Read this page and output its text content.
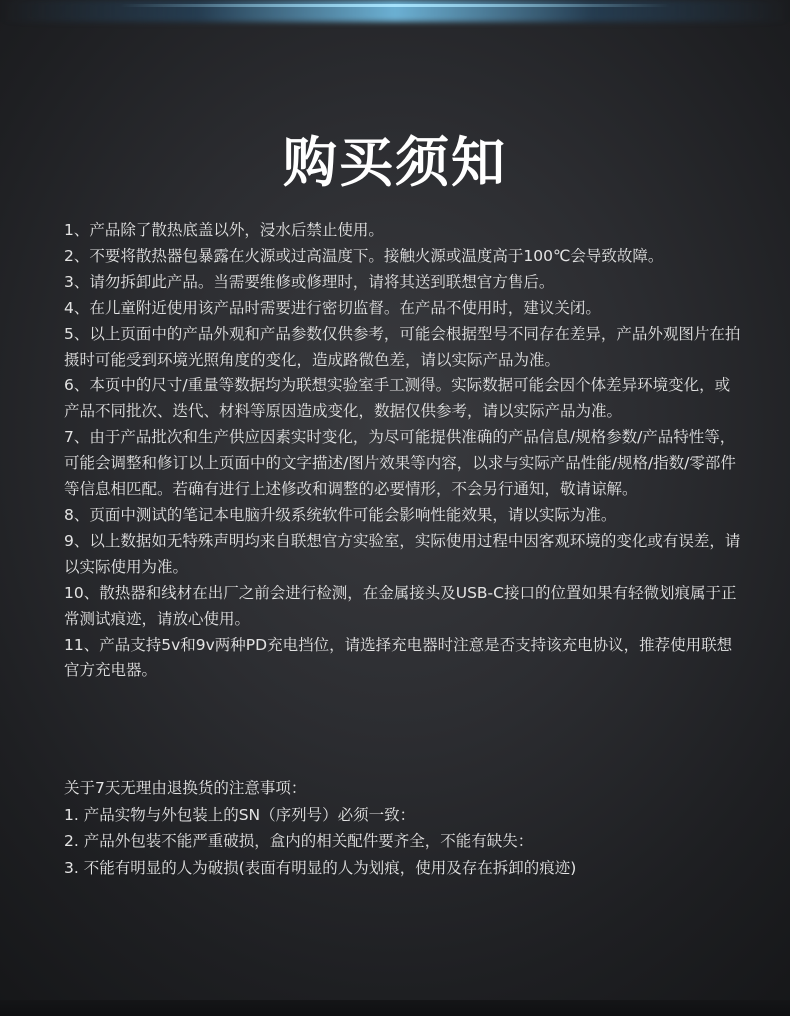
购买须知
1、产品除了散热底盖以外，浸水后禁止使用。
2、不要将散热器包暴露在火源或过高温度下。接触火源或温度高于100℃会导致故障。
3、请勿拆卸此产品。当需要维修或修理时，请将其送到联想官方售后。
4、在儿童附近使用该产品时需要进行密切监督。在产品不使用时，建议关闭。
5、以上页面中的产品外观和产品参数仅供参考，可能会根据型号不同存在差异，产品外观图片在拍摄时可能受到环境光照角度的变化，造成路微色差，请以实际产品为准。
6、本页中的尺寸/重量等数据均为联想实验室手工测得。实际数据可能会因个体差异环境变化，或产品不同批次、迭代、材料等原因造成变化，数据仅供参考，请以实际产品为准。
7、由于产品批次和生产供应因素实时变化，为尽可能提供准确的产品信息/规格参数/产品特性等，可能会调整和修订以上页面中的文字描述/图片效果等内容，以求与实际产品性能/规格/指数/零部件等信息相匹配。若确有进行上述修改和调整的必要情形，不会另行通知，敬请谅解。
8、页面中测试的笔记本电脑升级系统软件可能会影响性能效果，请以实际为准。
9、以上数据如无特殊声明均来自联想官方实验室，实际使用过程中因客观环境的变化或有误差，请以实际使用为准。
10、散热器和线材在出厂之前会进行检测，在金属接头及USB-C接口的位置如果有轻微划痕属于正常测试痕迹，请放心使用。
11、产品支持5v和9v两种PD充电挡位，请选择充电器时注意是否支持该充电协议，推荐使用联想官方充电器。

关于7天无理由退换货的注意事项：

1. 产品实物与外包装上的SN（序列号）必须一致：
2. 产品外包装不能严重破损，盒内的相关配件要齐全，不能有缺失：
3. 不能有明显的人为破损(表面有明显的人为划痕，使用及存在拆卸的痕迹)
